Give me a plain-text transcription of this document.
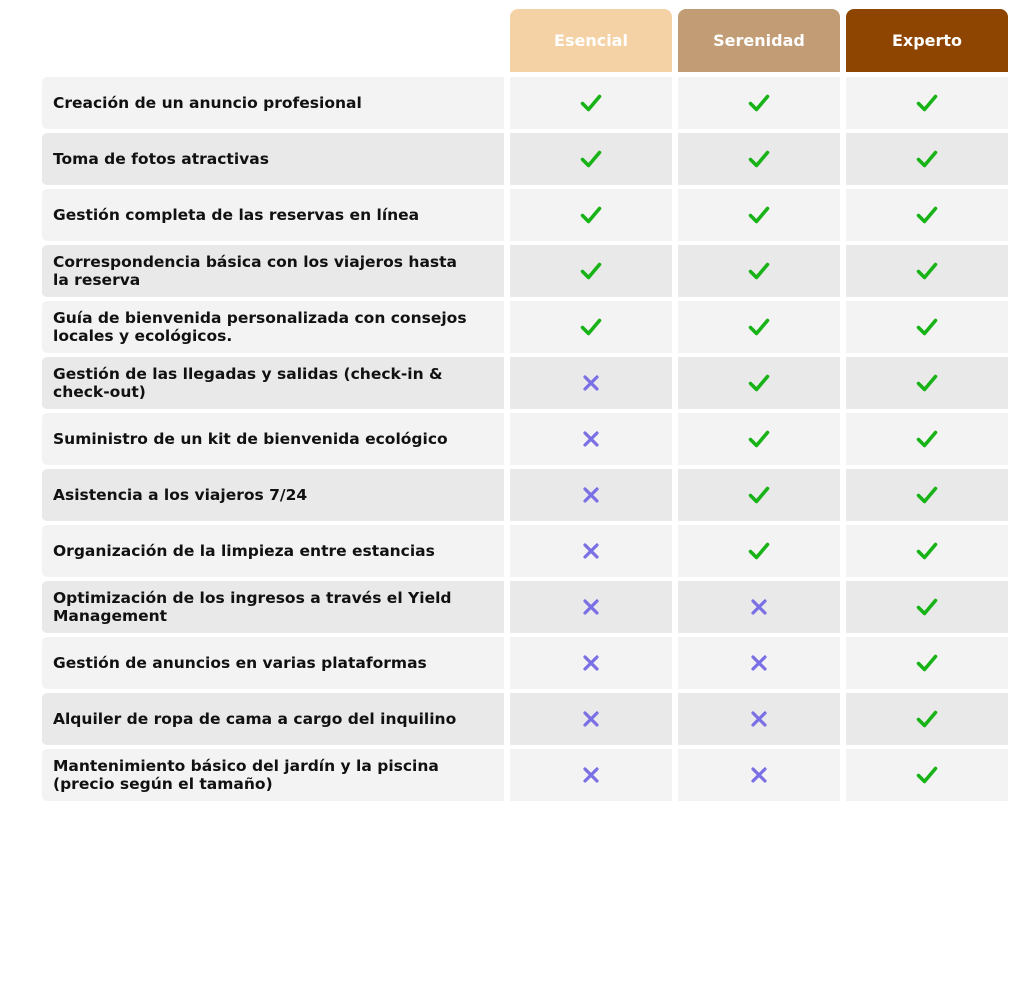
Esencial	Serenidad	Experto
Creación de un anuncio profesional
Toma de fotos atractivas
Gestión completa de las reservas en línea
Correspondencia básica con los viajeros hasta la reserva
Guía de bienvenida personalizada con consejos locales y ecológicos.
Gestión de las llegadas y salidas (check-in & check-out)
Suministro de un kit de bienvenida ecológico
Asistencia a los viajeros 7/24
Organización de la limpieza entre estancias
Optimización de los ingresos a través el Yield Management
Gestión de anuncios en varias plataformas
Alquiler de ropa de cama a cargo del inquilino
Mantenimiento básico del jardín y la piscina (precio según el tamaño)
